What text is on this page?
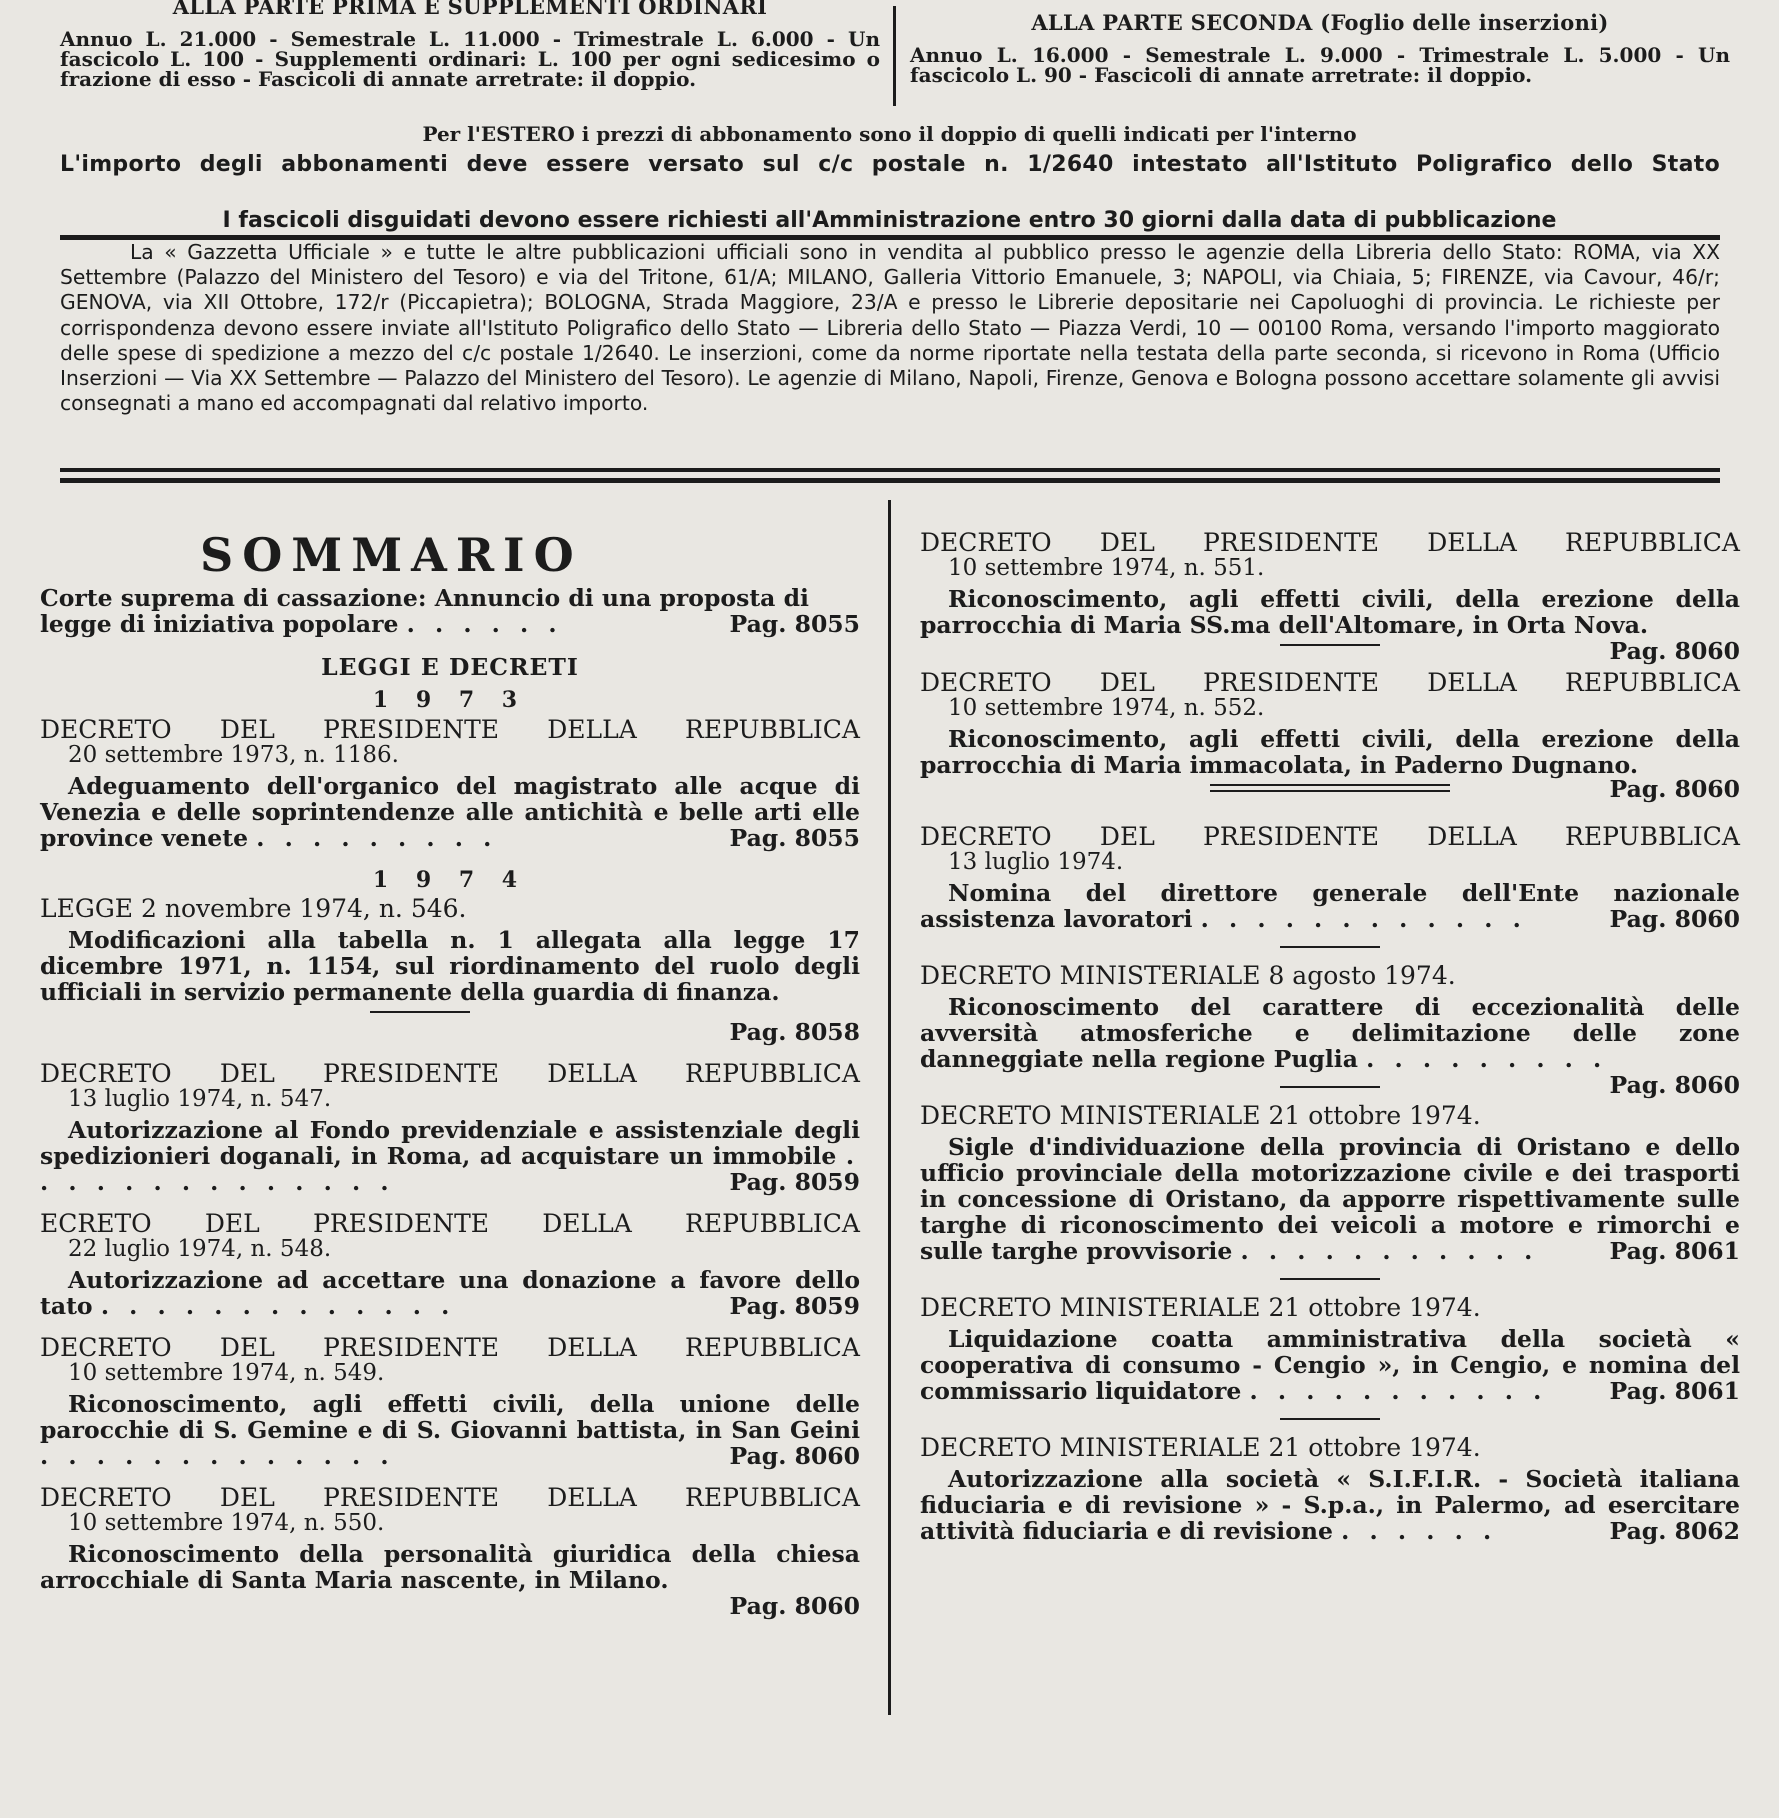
ALLA PARTE PRIMA E SUPPLEMENTI ORDINARI
Annuo L. 21.000 - Semestrale L. 11.000 - Trimestrale L. 6.000 - Un fascicolo L. 100 - Supplementi ordinari: L. 100 per ogni sedicesimo o frazione di esso - Fascicoli di annate arretrate: il doppio.
ALLA PARTE SECONDA (Foglio delle inserzioni)
Annuo L. 16.000 - Semestrale L. 9.000 - Trimestrale L. 5.000 - Un fascicolo L. 90 - Fascicoli di annate arretrate: il doppio.
Per l'ESTERO i prezzi di abbonamento sono il doppio di quelli indicati per l'interno
L'importo degli abbonamenti deve essere versato sul c/c postale n. 1/2640 intestato all'Istituto Poligrafico dello Stato
I fascicoli disguidati devono essere richiesti all'Amministrazione entro 30 giorni dalla data di pubblicazione

La « Gazzetta Ufficiale » e tutte le altre pubblicazioni ufficiali sono in vendita al pubblico presso le agenzie della Libreria dello Stato: ROMA, via XX Settembre (Palazzo del Ministero del Tesoro) e via del Tritone, 61/A; MILANO, Galleria Vittorio Emanuele, 3; NAPOLI, via Chiaia, 5; FIRENZE, via Cavour, 46/r; GENOVA, via XII Ottobre, 172/r (Piccapietra); BOLOGNA, Strada Maggiore, 23/A e presso le Librerie depositarie nei Capoluoghi di provincia. Le richieste per corrispondenza devono essere inviate all'Istituto Poligrafico dello Stato — Libreria dello Stato — Piazza Verdi, 10 — 00100 Roma, versando l'importo maggiorato delle spese di spedizione a mezzo del c/c postale 1/2640. Le inserzioni, come da norme riportate nella testata della parte seconda, si ricevono in Roma (Ufficio Inserzioni — Via XX Settembre — Palazzo del Ministero del Tesoro). Le agenzie di Milano, Napoli, Firenze, Genova e Bologna possono accettare solamente gli avvisi consegnati a mano ed accompagnati dal relativo importo.

SOMMARIO
Corte suprema di cassazione: Annuncio di una proposta di legge di iniziativa popolare . . . . . .	Pag. 8055
LEGGI E DECRETI
1 9 7 3
DECRETO DEL PRESIDENTE DELLA REPUBBLICA
20 settembre 1973, n. 1186.
Adeguamento dell'organico del magistrato alle acque di Venezia e delle soprintendenze alle antichità e belle arti elle province venete . . . . . . . . .	Pag. 8055
1 9 7 4
LEGGE 2 novembre 1974, n. 546.
Modificazioni alla tabella n. 1 allegata alla legge 17 dicembre 1971, n. 1154, sul riordinamento del ruolo degli ufficiali in servizio permanente della guardia di finanza.
Pag. 8058
DECRETO DEL PRESIDENTE DELLA REPUBBLICA
13 luglio 1974, n. 547.
Autorizzazione al Fondo previdenziale e assistenziale degli spedizionieri doganali, in Roma, ad acquistare un immobile . . . . . . . . . . . . . .	Pag. 8059
ECRETO DEL PRESIDENTE DELLA REPUBBLICA
22 luglio 1974, n. 548.
Autorizzazione ad accettare una donazione a favore dello tato . . . . . . . . . . . . .	Pag. 8059
DECRETO DEL PRESIDENTE DELLA REPUBBLICA
10 settembre 1974, n. 549.
Riconoscimento, agli effetti civili, della unione delle parocchie di S. Gemine e di S. Giovanni battista, in San Geini . . . . . . . . . . . . .	Pag. 8060
DECRETO DEL PRESIDENTE DELLA REPUBBLICA
10 settembre 1974, n. 550.
Riconoscimento della personalità giuridica della chiesa arrocchiale di Santa Maria nascente, in Milano.
Pag. 8060
DECRETO DEL PRESIDENTE DELLA REPUBBLICA
10 settembre 1974, n. 551.
Riconoscimento, agli effetti civili, della erezione della parrocchia di Maria SS.ma dell'Altomare, in Orta Nova.
Pag. 8060
DECRETO DEL PRESIDENTE DELLA REPUBBLICA
10 settembre 1974, n. 552.
Riconoscimento, agli effetti civili, della erezione della parrocchia di Maria immacolata, in Paderno Dugnano.
Pag. 8060
DECRETO DEL PRESIDENTE DELLA REPUBBLICA
13 luglio 1974.
Nomina del direttore generale dell'Ente nazionale assistenza lavoratori . . . . . . . . . . . .	Pag. 8060
DECRETO MINISTERIALE 8 agosto 1974.
Riconoscimento del carattere di eccezionalità delle avversità atmosferiche e delimitazione delle zone danneggiate nella regione Puglia . . . . . . . . .
Pag. 8060
DECRETO MINISTERIALE 21 ottobre 1974.
Sigle d'individuazione della provincia di Oristano e dello ufficio provinciale della motorizzazione civile e dei trasporti in concessione di Oristano, da apporre rispettivamente sulle targhe di riconoscimento dei veicoli a motore e rimorchi e sulle targhe provvisorie . . . . . . . . . . .	Pag. 8061
DECRETO MINISTERIALE 21 ottobre 1974.
Liquidazione coatta amministrativa della società « cooperativa di consumo - Cengio », in Cengio, e nomina del commissario liquidatore . . . . . . . . . . .	Pag. 8061
DECRETO MINISTERIALE 21 ottobre 1974.
Autorizzazione alla società « S.I.F.I.R. - Società italiana fiduciaria e di revisione » - S.p.a., in Palermo, ad esercitare attività fiduciaria e di revisione . . . . . .	Pag. 8062
